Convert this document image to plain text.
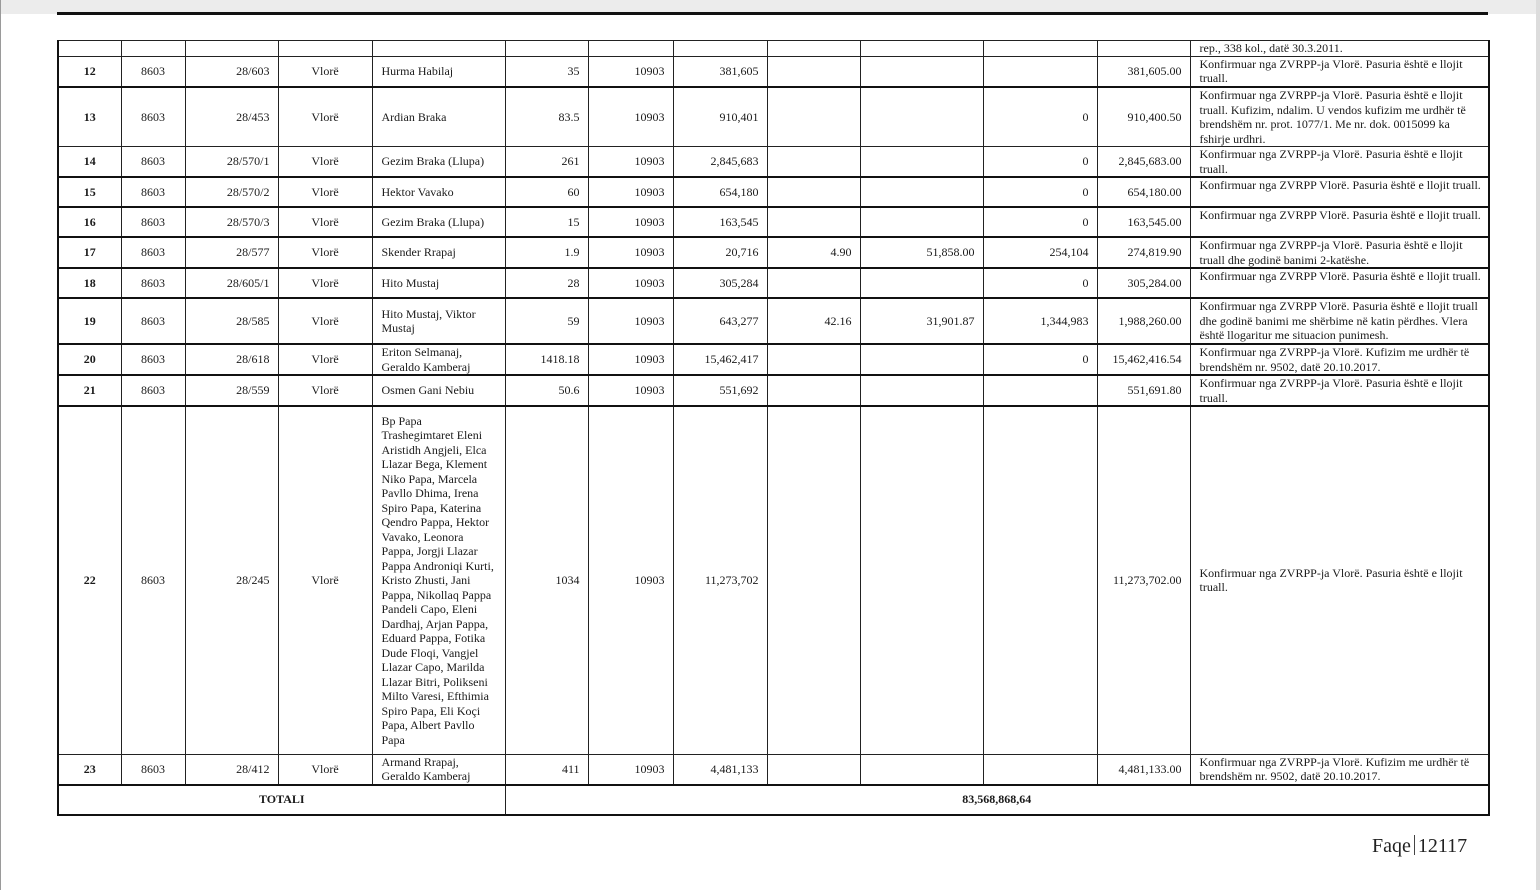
												rep., 338 kol., datë 30.3.2011.
12	8603	28/603	Vlorë	Hurma Habilaj	35	10903	381,605				381,605.00	Konfirmuar nga ZVRPP-ja Vlorë. Pasuria është e llojit truall.
13	8603	28/453	Vlorë	Ardian Braka	83.5	10903	910,401			0	910,400.50	Konfirmuar nga ZVRPP-ja Vlorë. Pasuria është e llojit truall. Kufizim, ndalim. U vendos kufizim me urdhër të brendshëm nr. prot. 1077/1. Me nr. dok. 0015099 ka fshirje urdhri.
14	8603	28/570/1	Vlorë	Gezim Braka (Llupa)	261	10903	2,845,683			0	2,845,683.00	Konfirmuar nga ZVRPP-ja Vlorë. Pasuria është e llojit truall.
15	8603	28/570/2	Vlorë	Hektor Vavako	60	10903	654,180			0	654,180.00	Konfirmuar nga ZVRPP Vlorë. Pasuria është e llojit truall.
16	8603	28/570/3	Vlorë	Gezim Braka (Llupa)	15	10903	163,545			0	163,545.00	Konfirmuar nga ZVRPP Vlorë. Pasuria është e llojit truall.
17	8603	28/577	Vlorë	Skender Rrapaj	1.9	10903	20,716	4.90	51,858.00	254,104	274,819.90	Konfirmuar nga ZVRPP-ja Vlorë. Pasuria është e llojit truall dhe godinë banimi 2-katëshe.
18	8603	28/605/1	Vlorë	Hito Mustaj	28	10903	305,284			0	305,284.00	Konfirmuar nga ZVRPP Vlorë. Pasuria është e llojit truall.
19	8603	28/585	Vlorë	Hito Mustaj, Viktor Mustaj	59	10903	643,277	42.16	31,901.87	1,344,983	1,988,260.00	Konfirmuar nga ZVRPP Vlorë. Pasuria është e llojit truall dhe godinë banimi me shërbime në katin përdhes. Vlera është llogaritur me situacion punimesh.
20	8603	28/618	Vlorë	Eriton Selmanaj, Geraldo Kamberaj	1418.18	10903	15,462,417			0	15,462,416.54	Konfirmuar nga ZVRPP-ja Vlorë. Kufizim me urdhër të brendshëm nr. 9502, datë 20.10.2017.
21	8603	28/559	Vlorë	Osmen Gani Nebiu	50.6	10903	551,692				551,691.80	Konfirmuar nga ZVRPP-ja Vlorë. Pasuria është e llojit truall.
22	8603	28/245	Vlorë	Bp Papa Trashegimtaret Eleni Aristidh Angjeli, Elca Llazar Bega, Klement Niko Papa, Marcela Pavllo Dhima, Irena Spiro Papa, Katerina Qendro Pappa, Hektor Vavako, Leonora Pappa, Jorgji Llazar Pappa Androniqi Kurti, Kristo Zhusti, Jani Pappa, Nikollaq Pappa Pandeli Capo, Eleni Dardhaj, Arjan Pappa, Eduard Pappa, Fotika Dude Floqi, Vangjel Llazar Capo, Marilda Llazar Bitri, Polikseni Milto Varesi, Efthimia Spiro Papa, Eli Koçi Papa, Albert Pavllo Papa	1034	10903	11,273,702				11,273,702.00	Konfirmuar nga ZVRPP-ja Vlorë. Pasuria është e llojit truall.
23	8603	28/412	Vlorë	Armand Rrapaj, Geraldo Kamberaj	411	10903	4,481,133				4,481,133.00	Konfirmuar nga ZVRPP-ja Vlorë. Kufizim me urdhër të brendshëm nr. 9502, datë 20.10.2017.
TOTALI					83,568,868,64							
Faqe 12117
